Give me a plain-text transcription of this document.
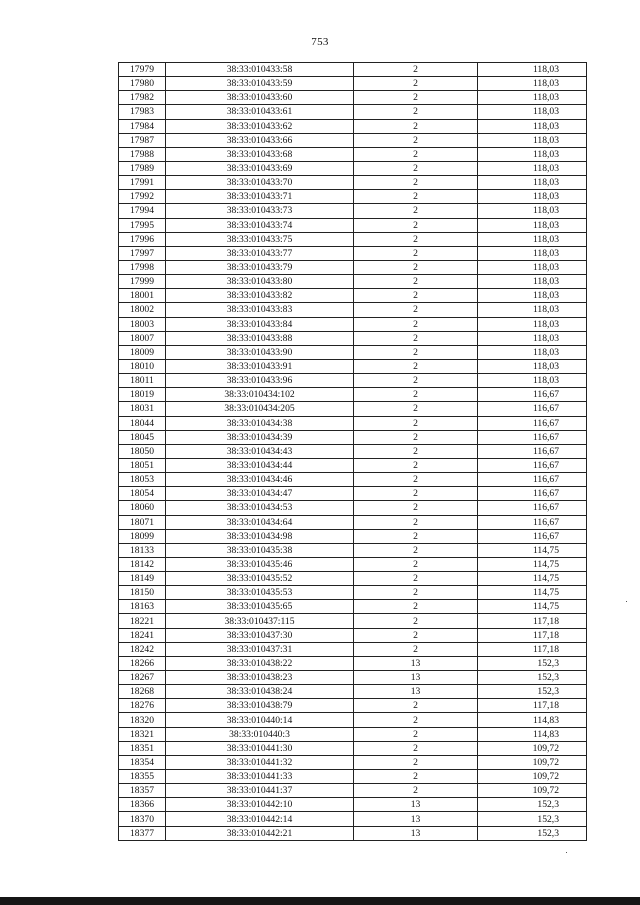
753
17979	38:33:010433:58	2	118,03
17980	38:33:010433:59	2	118,03
17982	38:33:010433:60	2	118,03
17983	38:33:010433:61	2	118,03
17984	38:33:010433:62	2	118,03
17987	38:33:010433:66	2	118,03
17988	38:33:010433:68	2	118,03
17989	38:33:010433:69	2	118,03
17991	38:33:010433:70	2	118,03
17992	38:33:010433:71	2	118,03
17994	38:33:010433:73	2	118,03
17995	38:33:010433:74	2	118,03
17996	38:33:010433:75	2	118,03
17997	38:33:010433:77	2	118,03
17998	38:33:010433:79	2	118,03
17999	38:33:010433:80	2	118,03
18001	38:33:010433:82	2	118,03
18002	38:33:010433:83	2	118,03
18003	38:33:010433:84	2	118,03
18007	38:33:010433:88	2	118,03
18009	38:33:010433:90	2	118,03
18010	38:33:010433:91	2	118,03
18011	38:33:010433:96	2	118,03
18019	38:33:010434:102	2	116,67
18031	38:33:010434:205	2	116,67
18044	38:33:010434:38	2	116,67
18045	38:33:010434:39	2	116,67
18050	38:33:010434:43	2	116,67
18051	38:33:010434:44	2	116,67
18053	38:33:010434:46	2	116,67
18054	38:33:010434:47	2	116,67
18060	38:33:010434:53	2	116,67
18071	38:33:010434:64	2	116,67
18099	38:33:010434:98	2	116,67
18133	38:33:010435:38	2	114,75
18142	38:33:010435:46	2	114,75
18149	38:33:010435:52	2	114,75
18150	38:33:010435:53	2	114,75
18163	38:33:010435:65	2	114,75
18221	38:33:010437:115	2	117,18
18241	38:33:010437:30	2	117,18
18242	38:33:010437:31	2	117,18
18266	38:33:010438:22	13	152,3
18267	38:33:010438:23	13	152,3
18268	38:33:010438:24	13	152,3
18276	38:33:010438:79	2	117,18
18320	38:33:010440:14	2	114,83
18321	38:33:010440:3	2	114,83
18351	38:33:010441:30	2	109,72
18354	38:33:010441:32	2	109,72
18355	38:33:010441:33	2	109,72
18357	38:33:010441:37	2	109,72
18366	38:33:010442:10	13	152,3
18370	38:33:010442:14	13	152,3
18377	38:33:010442:21	13	152,3
